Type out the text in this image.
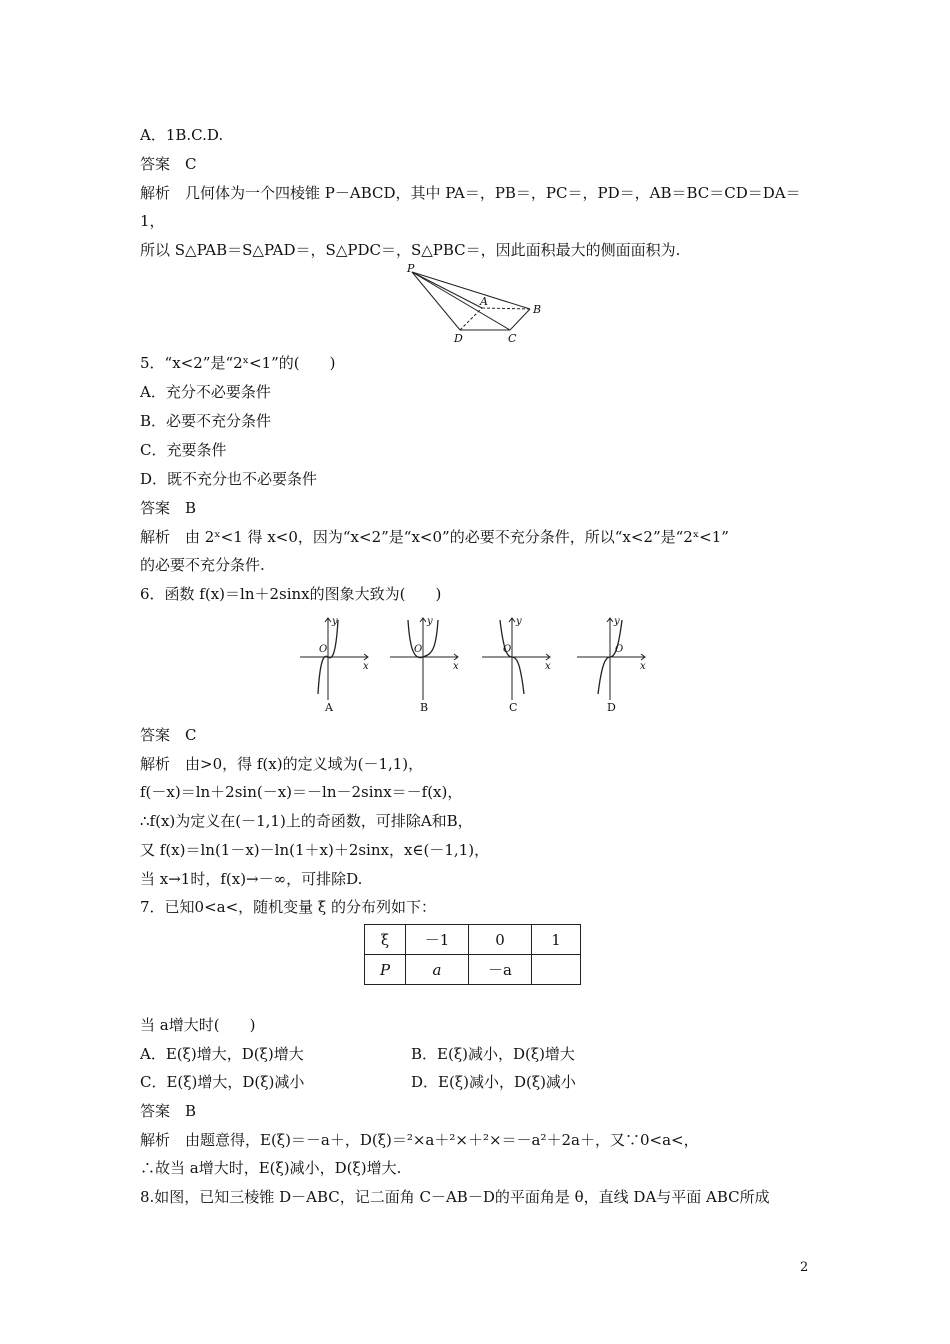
A．1B.C.D.
答案　C
解析　几何体为一个四棱锥 P－ABCD，其中 PA＝，PB＝，PC＝，PD＝，AB＝BC＝CD＝DA＝
1，
所以 S△PAB＝S△PAD＝，S△PDC＝，S△PBC＝，因此面积最大的侧面面积为.
P
A
B
D	C
5．“x<2”是“2ˣ<1”的(　　)
A．充分不必要条件
B．必要不充分条件
C．充要条件
D．既不充分也不必要条件
答案　B
解析　由 2ˣ<1 得 x<0，因为“x<2”是“x<0”的必要不充分条件，所以“x<2”是“2ˣ<1”
的必要不充分条件.
6．函数 f(x)＝ln＋2sinx的图象大致为(　　)
y
x
O
A
y
x
O
B
y
x
O
C
y
x
O
D
答案　C
解析　由>0，得 f(x)的定义域为(－1,1)，
f(－x)＝ln＋2sin(－x)＝－ln－2sinx＝－f(x)，
∴f(x)为定义在(－1,1)上的奇函数，可排除A和B，
又 f(x)＝ln(1－x)－ln(1＋x)＋2sinx，x∈(－1,1)，
当 x→1时，f(x)→－∞，可排除D.
7．已知0<a<，随机变量 ξ 的分布列如下：
ξ	－1	0	1
P	a	－a	
当 a增大时(　　)
A．E(ξ)增大，D(ξ)增大	B．E(ξ)减小，D(ξ)增大
C．E(ξ)增大，D(ξ)减小	D．E(ξ)减小，D(ξ)减小
答案　B
解析　由题意得，E(ξ)＝－a＋，D(ξ)＝²×a＋²×＋²×＝－a²＋2a＋，又∵0<a<，
∴故当 a增大时，E(ξ)减小，D(ξ)增大.
8.如图，已知三棱锥 D－ABC，记二面角 C－AB－D的平面角是 θ，直线 DA与平面 ABC所成
2
